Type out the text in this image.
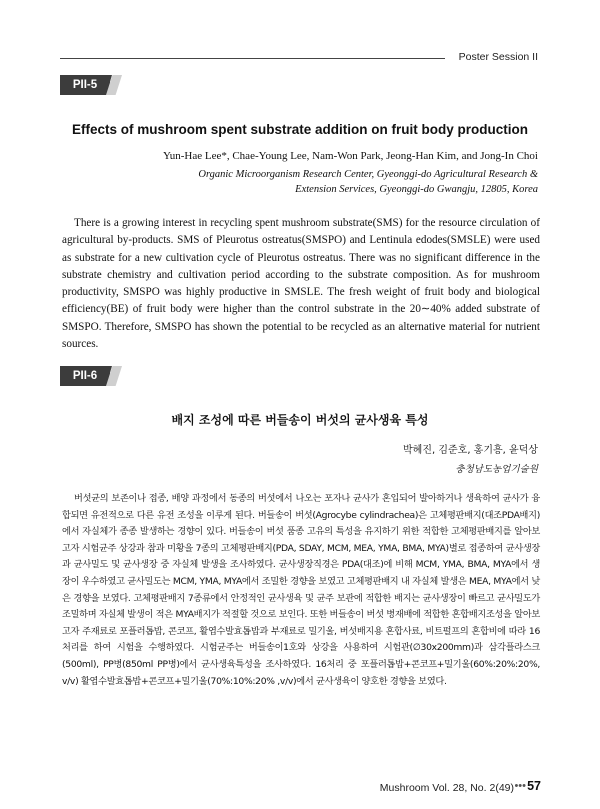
Poster Session II
PII-5
Effects of mushroom spent substrate addition on fruit body production
Yun-Hae Lee*, Chae-Young Lee, Nam-Won Park, Jeong-Han Kim, and Jong-In Choi
Organic Microorganism Research Center, Gyeonggi-do Agricultural Research &
Extension Services, Gyeonggi-do Gwangju, 12805, Korea

There is a growing interest in recycling spent mushroom substrate(SMS) for the resource circulation of agricultural by-products. SMS of Pleurotus ostreatus(SMSPO) and Lentinula edodes(SMSLE) were used as substrate for a new cultivation cycle of Pleurotus ostreatus. There was no significant difference in the substrate chemistry and cultivation period according to the substrate composition. As for mushroom productivity, SMSPO was highly productive in SMSLE. The fresh weight of fruit body and biological efficiency(BE) of fruit body were higher than the control substrate in the 20∼40% added substrate of SMSPO. Therefore, SMSPO has shown the potential to be recycled as an alternative material for nutrient sources.

PII-6
배지 조성에 따른 버들송이 버섯의 균사생육 특성
박혜진, 김준호, 홍기흥, 윤덕상
충청남도농업기술원

버섯균의 보존이나 접종, 배양 과정에서 동종의 버섯에서 나오는 포자나 균사가 혼입되어 발아하거나 생육하여 균사가 융합되면 유전적으로 다른 유전 조성을 이루게 된다. 버들송이 버섯(Agrocybe cylindrachea)은 고체평판배지(대조PDA배지)에서 자실체가 종종 발생하는 경향이 있다. 버들송이 버섯 품종 고유의 특성을 유지하기 위한 적합한 고체평판배지를 알아보고자 시험균주 상강과 참과 미황을 7종의 고체평판배지(PDA, SDAY, MCM, MEA, YMA, BMA, MYA)별로 접종하여 균사생장과 균사밀도 및 균사생장 중 자실체 발생을 조사하였다. 균사생장직경은 PDA(대조)에 비해 MCM, YMA, BMA, MYA에서 생장이 우수하였고 균사밀도는 MCM, YMA, MYA에서 조밀한 경향을 보였고 고체평판배지 내 자실체 발생은 MEA, MYA에서 낮은 경향을 보였다. 고체평판배지 7종류에서 안정적인 균사생육 및 균주 보관에 적합한 배지는 균사생장이 빠르고 균사밀도가 조밀하며 자실체 발생이 적은 MYA배지가 적절할 것으로 보인다. 또한 버들송이 버섯 병재배에 적합한 혼합배지조성을 알아보고자 주재료로 포플러톱밥, 콘코프, 활엽수발효톱밥과 부재료로 밀기울, 버섯배지용 혼합사료, 비트펄프의 혼합비에 따라 16처리를 하여 시험을 수행하였다. 시험균주는 버들송이1호와 상강을 사용하여 시험관(∅30x200mm)과 삼각플라스크(500ml), PP병(850ml PP병)에서 균사생육특성을 조사하였다. 16처리 중 포플러톱밥+콘코프+밀기울(60%:20%:20%, v/v) 활엽수발효톱밥+콘코프+밀기울(70%:10%:20% ,v/v)에서 균사생육이 양호한 경향을 보였다.

Mushroom Vol. 28, No. 2(49) ••• 57
